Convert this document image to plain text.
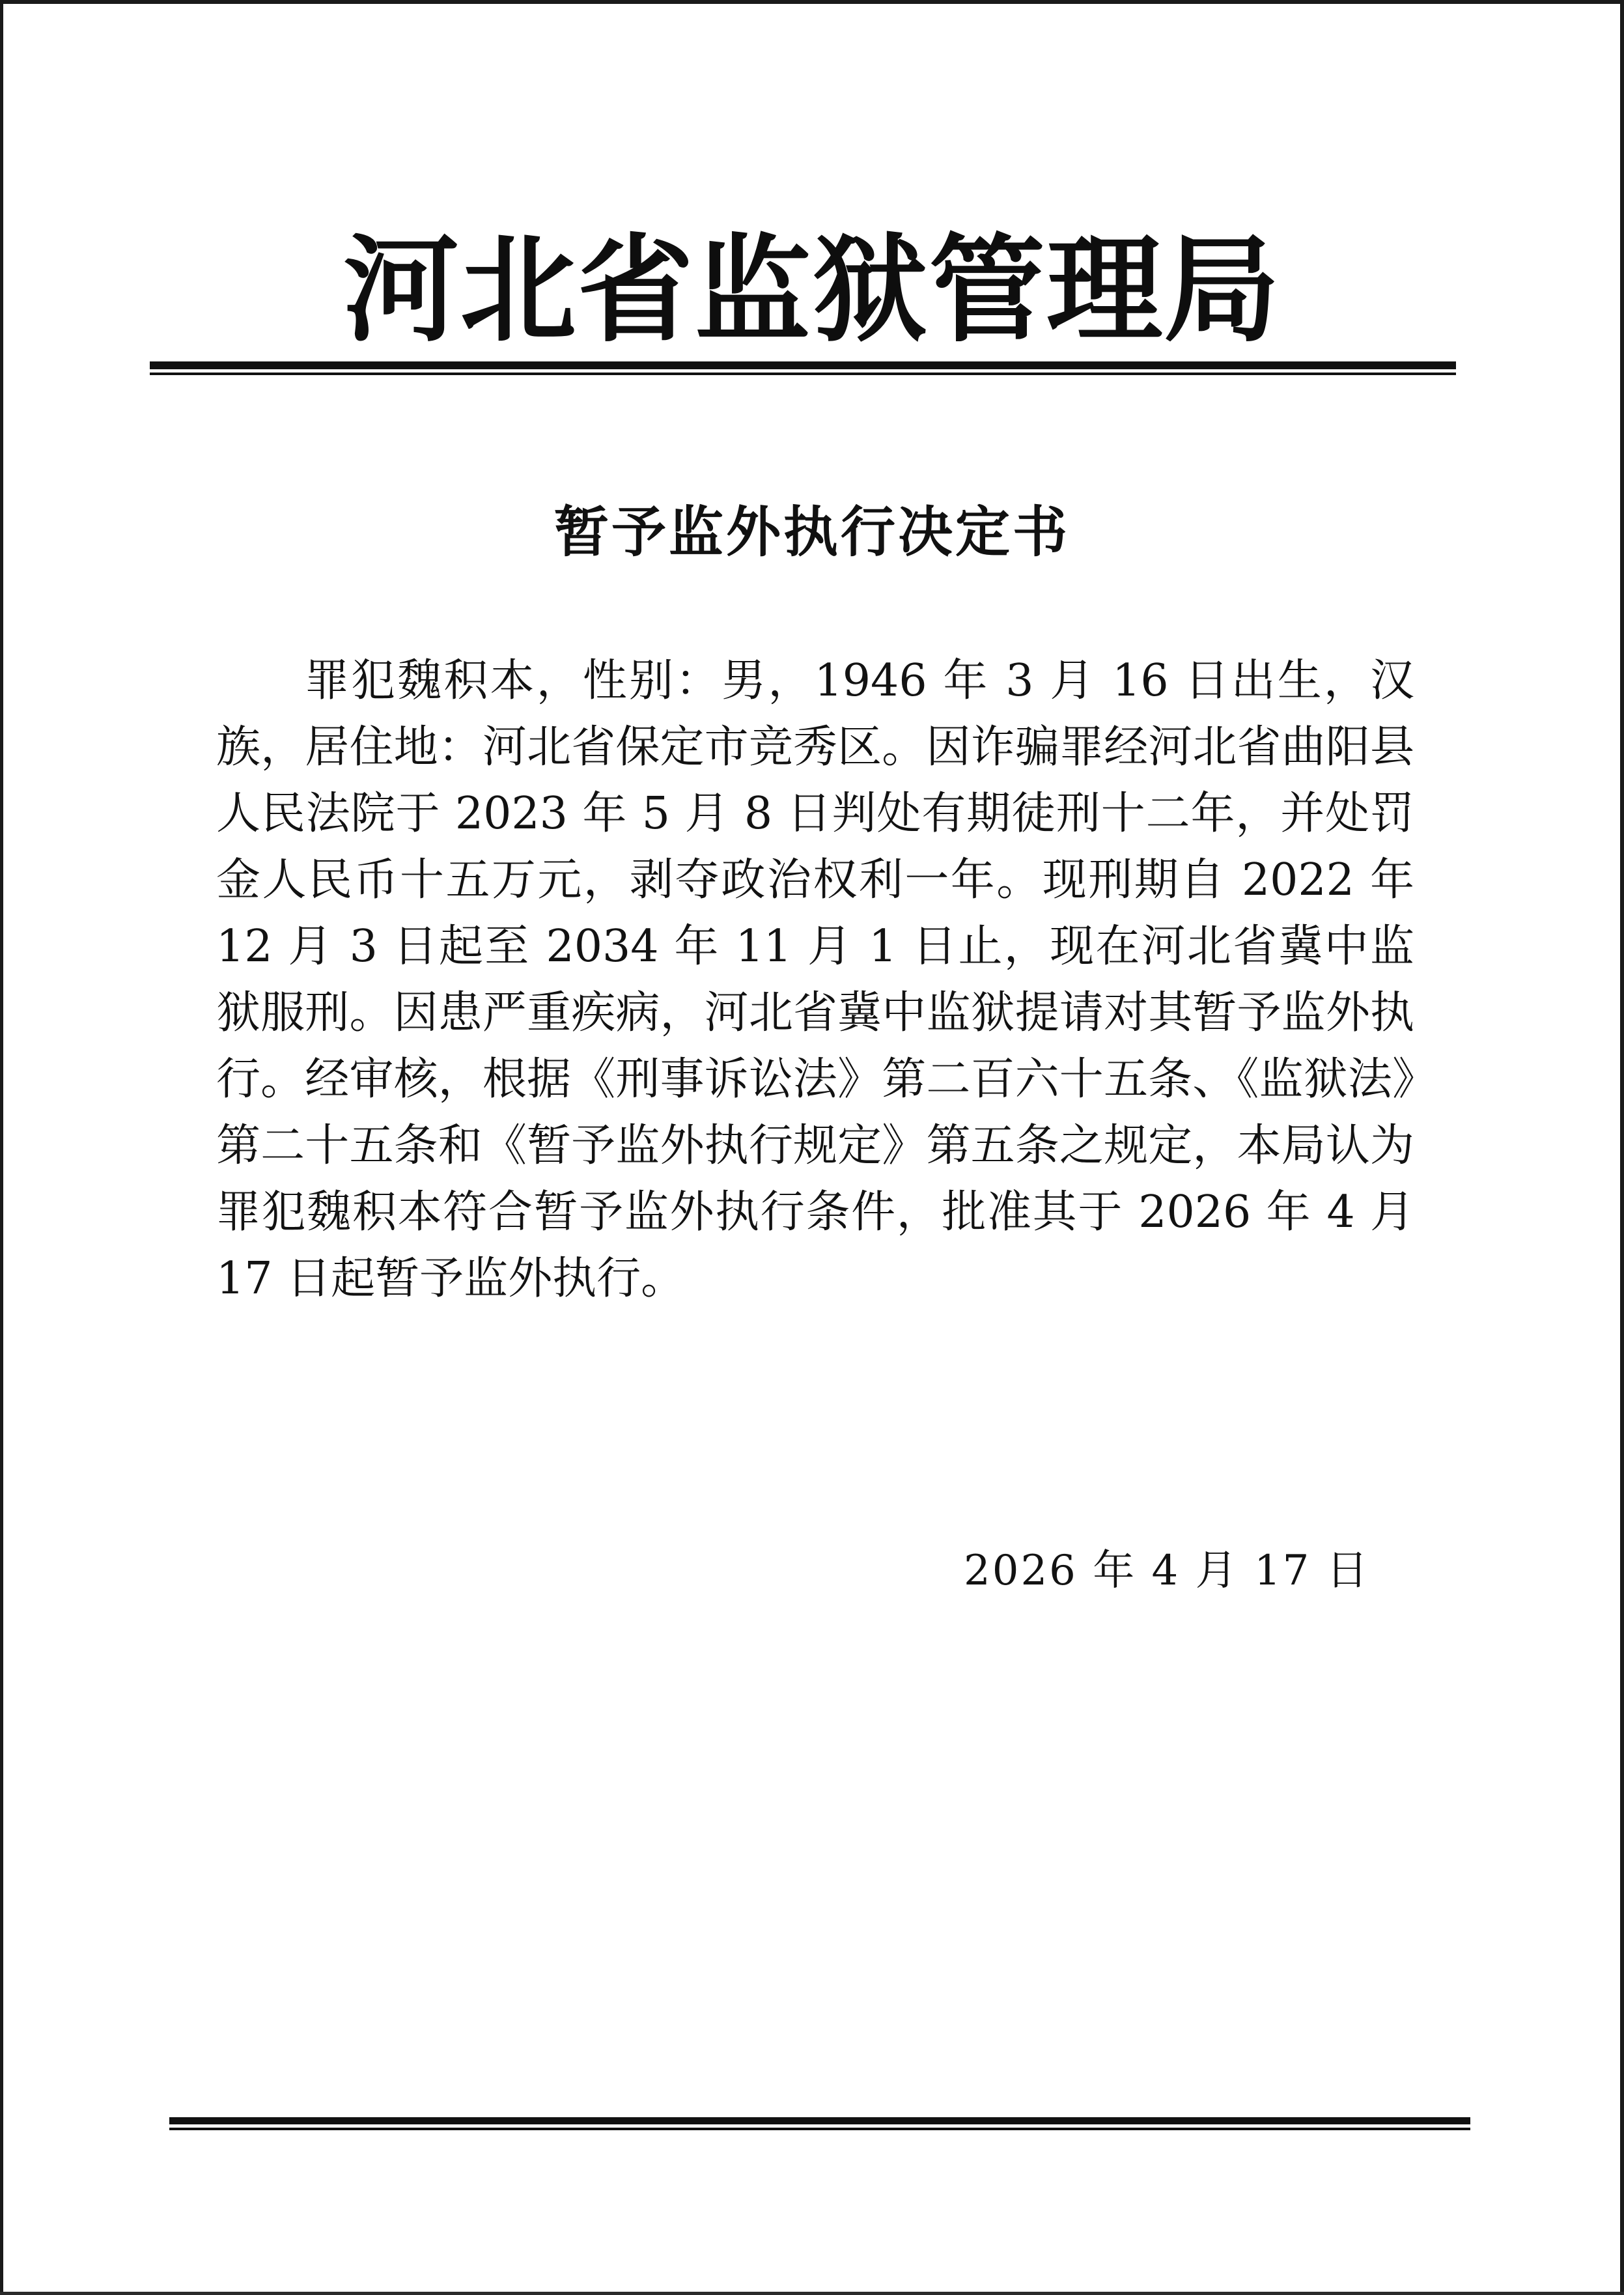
河北省监狱管理局
暂予监外执行决定书

罪犯魏积本，性别：男，1946 年 3 月 16 日出生，汉族，居住地：河北省保定市竞秀区。因诈骗罪经河北省曲阳县人民法院于 2023 年 5 月 8 日判处有期徒刑十二年，并处罚金人民币十五万元，剥夺政治权利一年。现刑期自 2022 年 12 月 3 日起至 2034 年 11 月 1 日止，现在河北省冀中监狱服刑。因患严重疾病，河北省冀中监狱提请对其暂予监外执行。经审核，根据《刑事诉讼法》第二百六十五条、《监狱法》第二十五条和《暂予监外执行规定》第五条之规定，本局认为罪犯魏积本符合暂予监外执行条件，批准其于 2026 年 4 月 17 日起暂予监外执行。

2026 年 4 月 17 日
